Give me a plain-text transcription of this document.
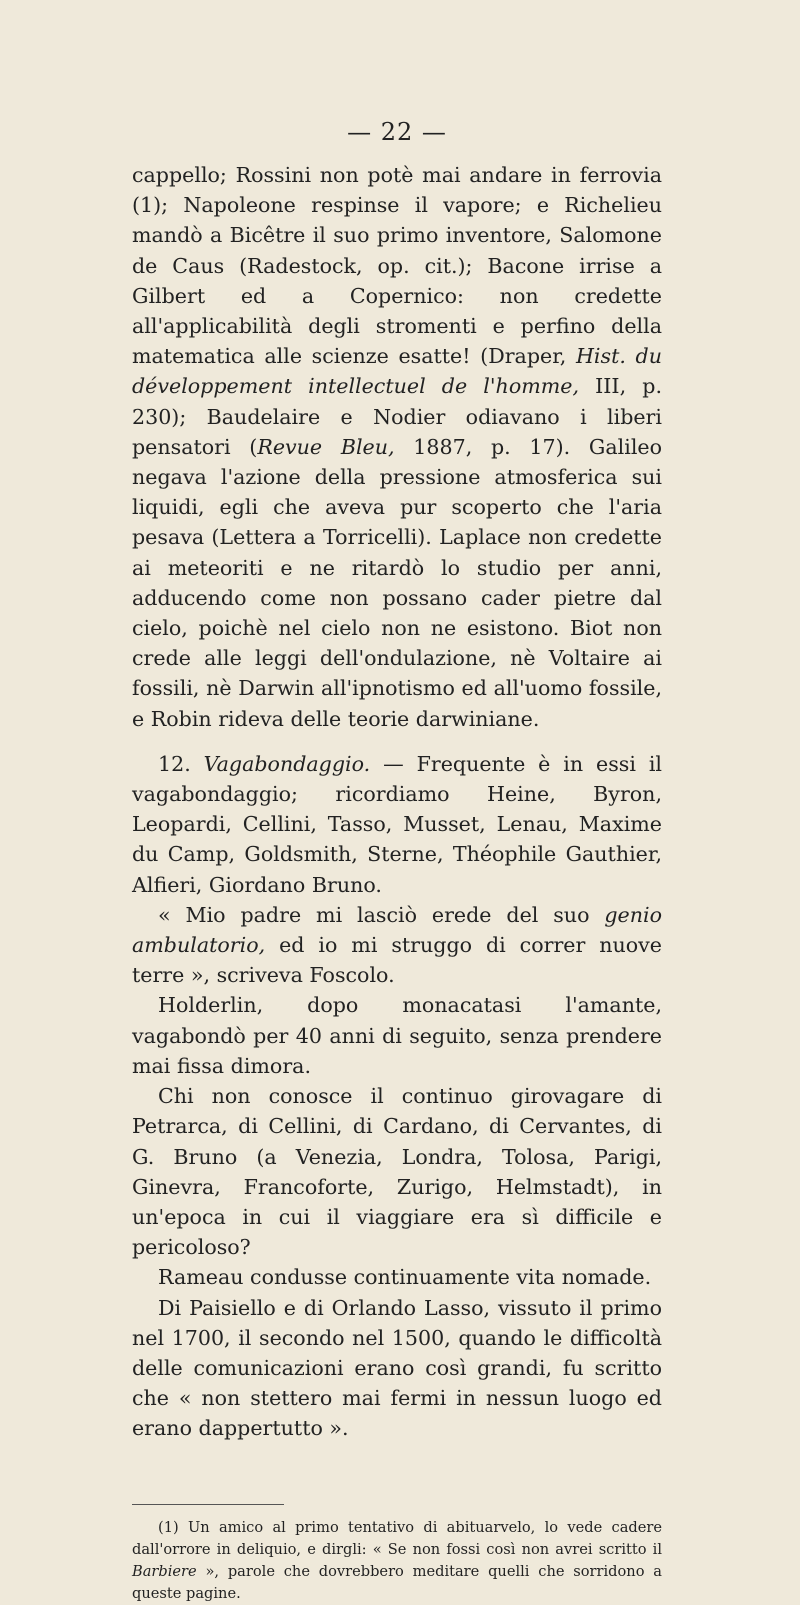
— 22 —

cappello; Rossini non potè mai andare in ferrovia (1); Napoleone respinse il vapore; e Richelieu mandò a Bicêtre il suo primo inventore, Salomone de Caus (Radestock, op. cit.); Bacone irrise a Gilbert ed a Copernico: non credette all'applicabilità degli stromenti e perfino della matematica alle scienze esatte! (Draper, Hist. du développement intellectuel de l'homme, III, p. 230); Baudelaire e Nodier odiavano i liberi pensatori (Revue Bleu, 1887, p. 17). Galileo negava l'azione della pressione atmosferica sui liquidi, egli che aveva pur scoperto che l'aria pesava (Lettera a Torricelli). Laplace non credette ai meteoriti e ne ritardò lo studio per anni, adducendo come non possano cader pietre dal cielo, poichè nel cielo non ne esistono. Biot non crede alle leggi dell'ondulazione, nè Voltaire ai fossili, nè Darwin all'ipnotismo ed all'uomo fossile, e Robin rideva delle teorie darwiniane.

12. Vagabondaggio. — Frequente è in essi il vagabondaggio; ricordiamo Heine, Byron, Leopardi, Cellini, Tasso, Musset, Lenau, Maxime du Camp, Goldsmith, Sterne, Théophile Gauthier, Alfieri, Giordano Bruno.

« Mio padre mi lasciò erede del suo genio ambulatorio, ed io mi struggo di correr nuove terre », scriveva Foscolo.

Holderlin, dopo monacatasi l'amante, vagabondò per 40 anni di seguito, senza prendere mai fissa dimora.

Chi non conosce il continuo girovagare di Petrarca, di Cellini, di Cardano, di Cervantes, di G. Bruno (a Venezia, Londra, Tolosa, Parigi, Ginevra, Francoforte, Zurigo, Helmstadt), in un'epoca in cui il viaggiare era sì difficile e pericoloso?

Rameau condusse continuamente vita nomade.

Di Paisiello e di Orlando Lasso, vissuto il primo nel 1700, il secondo nel 1500, quando le difficoltà delle comunicazioni erano così grandi, fu scritto che « non stettero mai fermi in nessun luogo ed erano dappertutto ».

(1) Un amico al primo tentativo di abituarvelo, lo vede cadere dall'orrore in deliquio, e dirgli: « Se non fossi così non avrei scritto il Barbiere », parole che dovrebbero meditare quelli che sorridono a queste pagine.
